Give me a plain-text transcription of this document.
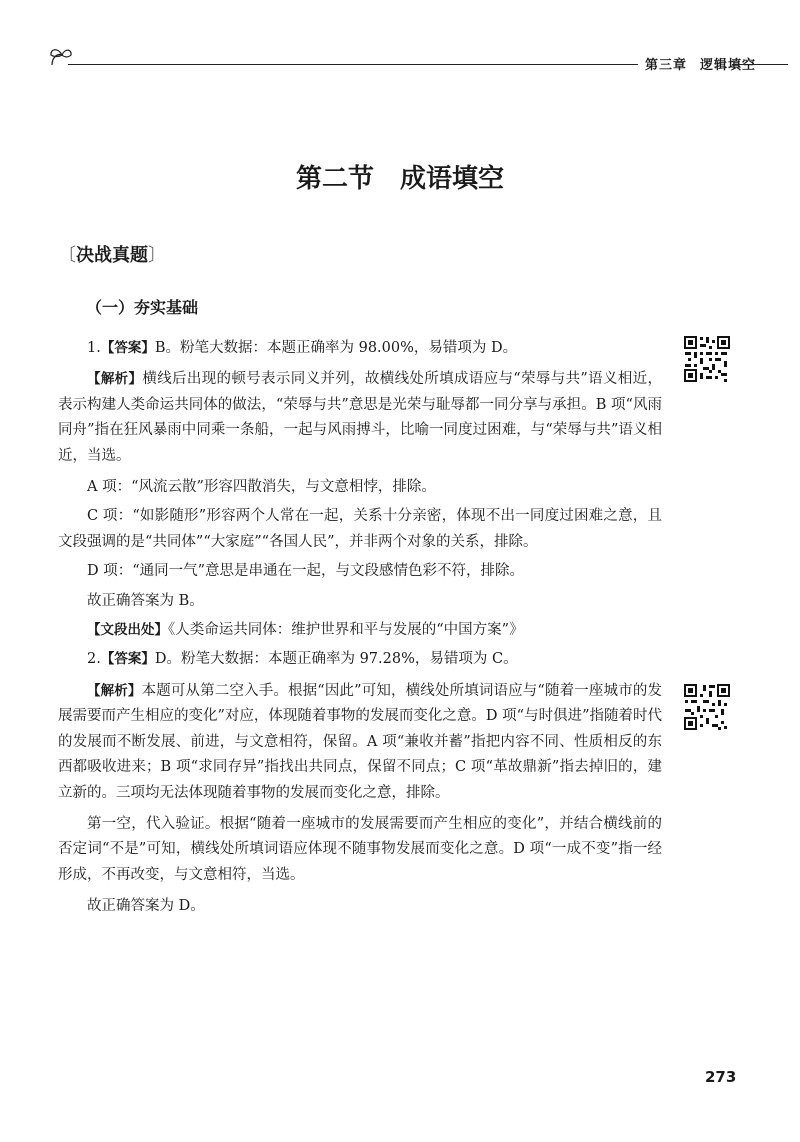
第三章 逻辑填空
第二节 成语填空
〔决战真题〕
（一）夯实基础

1.【答案】B。粉笔大数据：本题正确率为 98.00%，易错项为 D。

【解析】横线后出现的顿号表示同义并列，故横线处所填成语应与“荣辱与共”语义相近，表示构建人类命运共同体的做法，“荣辱与共”意思是光荣与耻辱都一同分享与承担。B 项“风雨同舟”指在狂风暴雨中同乘一条船，一起与风雨搏斗，比喻一同度过困难，与“荣辱与共”语义相近，当选。

A 项：“风流云散”形容四散消失，与文意相悖，排除。

C 项：“如影随形”形容两个人常在一起，关系十分亲密，体现不出一同度过困难之意，且文段强调的是“共同体”“大家庭”“各国人民”，并非两个对象的关系，排除。

D 项：“通同一气”意思是串通在一起，与文段感情色彩不符，排除。

故正确答案为 B。

【文段出处】《人类命运共同体：维护世界和平与发展的“中国方案”》

2.【答案】D。粉笔大数据：本题正确率为 97.28%，易错项为 C。

【解析】本题可从第二空入手。根据“因此”可知，横线处所填词语应与“随着一座城市的发展需要而产生相应的变化”对应，体现随着事物的发展而变化之意。D 项“与时俱进”指随着时代的发展而不断发展、前进，与文意相符，保留。A 项“兼收并蓄”指把内容不同、性质相反的东西都吸收进来；B 项“求同存异”指找出共同点，保留不同点；C 项“革故鼎新”指去掉旧的，建立新的。三项均无法体现随着事物的发展而变化之意，排除。

第一空，代入验证。根据“随着一座城市的发展需要而产生相应的变化”，并结合横线前的否定词“不是”可知，横线处所填词语应体现不随事物发展而变化之意。D 项“一成不变”指一经形成，不再改变，与文意相符，当选。

故正确答案为 D。

273
